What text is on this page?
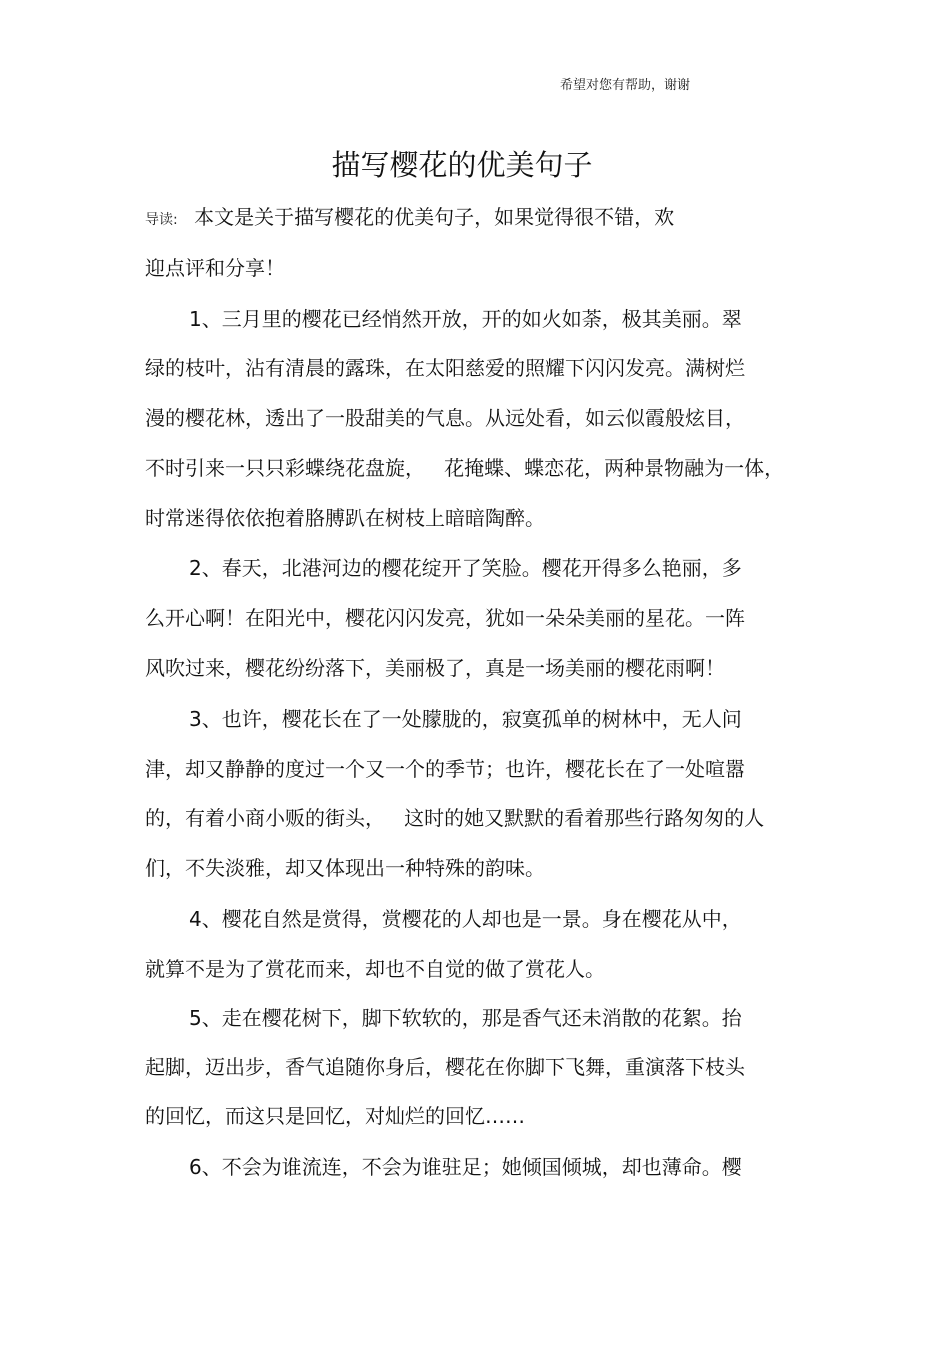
希望对您有帮助，谢谢
描写樱花的优美句子
导读: 本文是关于描写樱花的优美句子，如果觉得很不错，欢
迎点评和分享！
1、三月里的樱花已经悄然开放，开的如火如荼，极其美丽。翠
绿的枝叶，沾有清晨的露珠，在太阳慈爱的照耀下闪闪发亮。满树烂
漫的樱花林，透出了一股甜美的气息。从远处看，如云似霞般炫目，
不时引来一只只彩蝶绕花盘旋，   花掩蝶、蝶恋花，两种景物融为一体，
时常迷得依依抱着胳膊趴在树枝上暗暗陶醉。
2、春天，北港河边的樱花绽开了笑脸。樱花开得多么艳丽，多
么开心啊！在阳光中，樱花闪闪发亮，犹如一朵朵美丽的星花。一阵
风吹过来，樱花纷纷落下，美丽极了，真是一场美丽的樱花雨啊！
3、也许，樱花长在了一处朦胧的，寂寞孤单的树林中，无人问
津，却又静静的度过一个又一个的季节；也许，樱花长在了一处喧嚣
的，有着小商小贩的街头，   这时的她又默默的看着那些行路匆匆的人
们，不失淡雅，却又体现出一种特殊的韵味。
4、樱花自然是赏得，赏樱花的人却也是一景。身在樱花从中，
就算不是为了赏花而来，却也不自觉的做了赏花人。
5、走在樱花树下，脚下软软的，那是香气还未消散的花絮。抬
起脚，迈出步，香气追随你身后，樱花在你脚下飞舞，重演落下枝头
的回忆，而这只是回忆，对灿烂的回忆……
6、不会为谁流连，不会为谁驻足；她倾国倾城，却也薄命。樱
